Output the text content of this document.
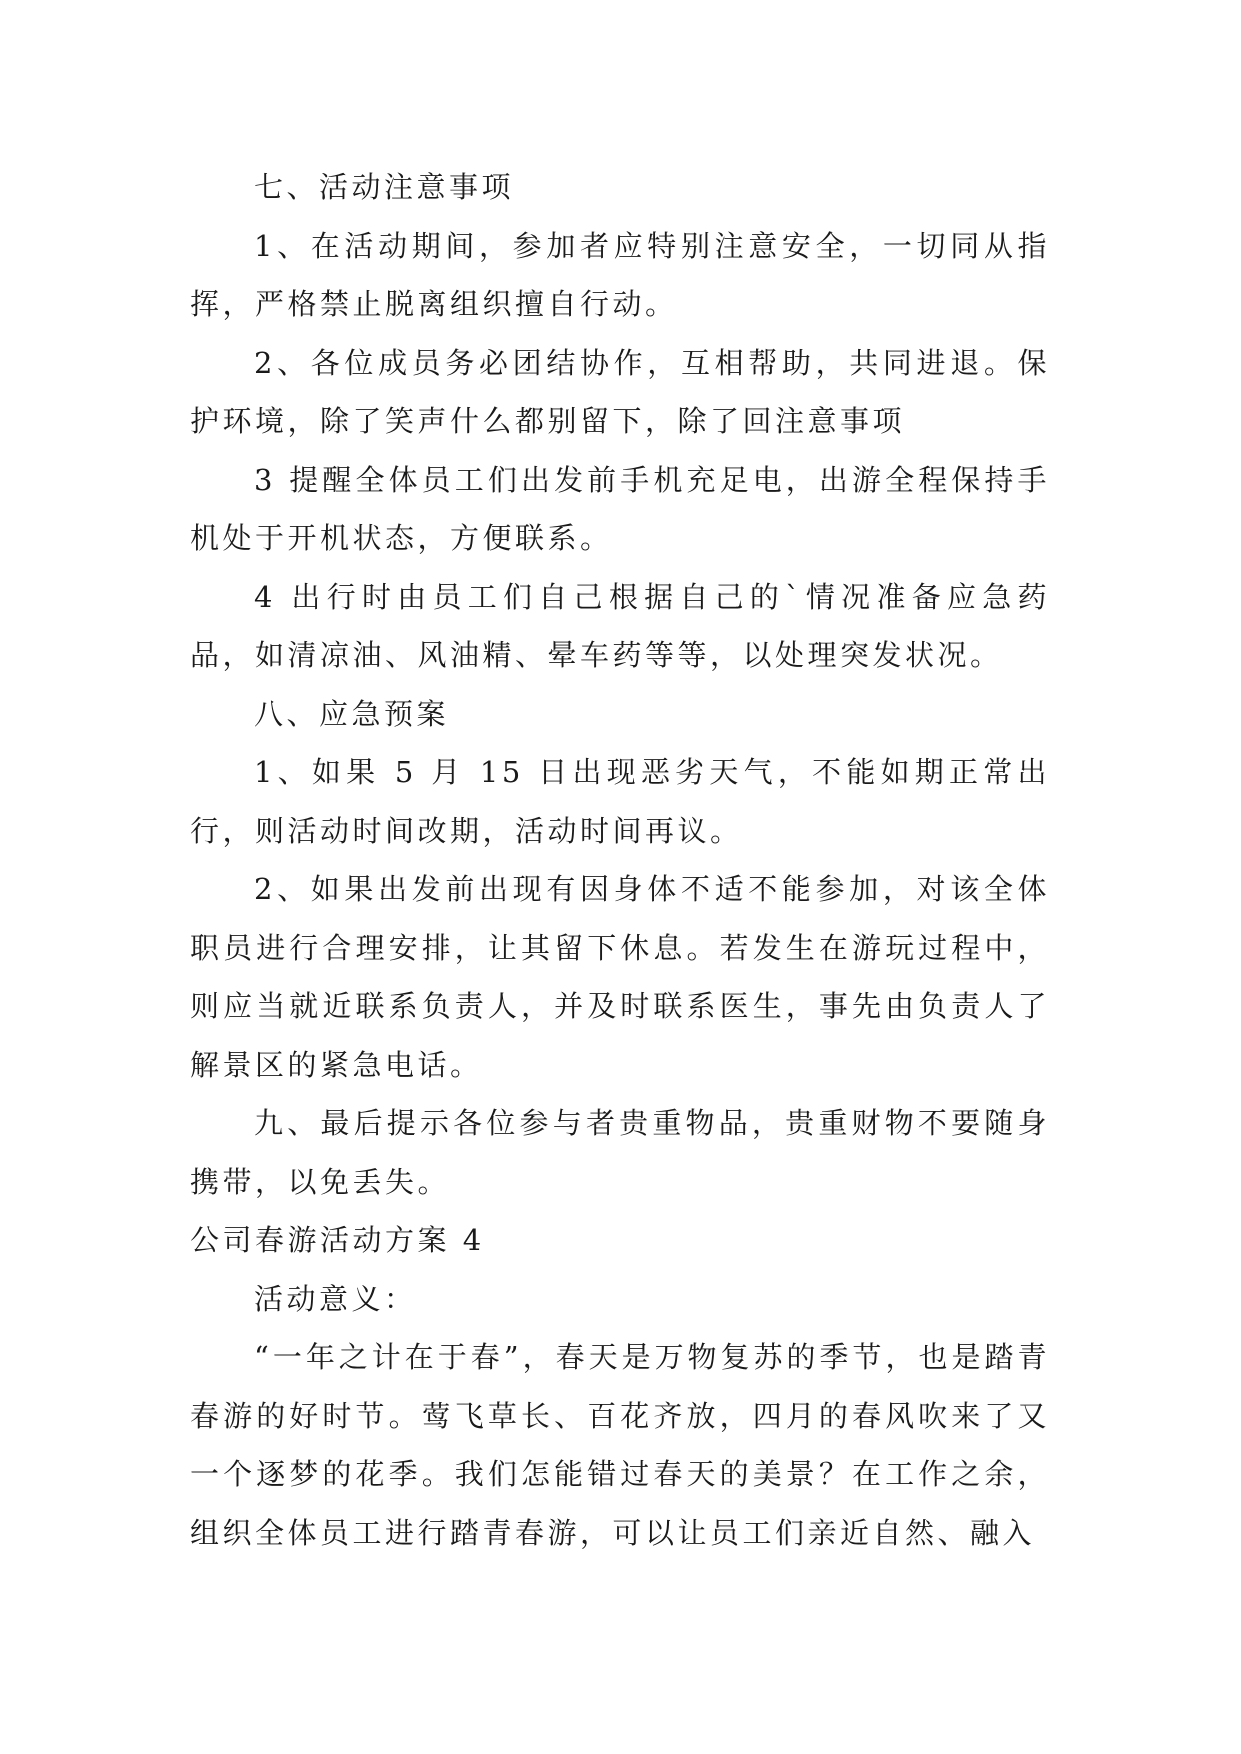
七、活动注意事项

1、在活动期间，参加者应特别注意安全，一切同从指挥，严格禁止脱离组织擅自行动。

2、各位成员务必团结协作，互相帮助，共同进退。保护环境，除了笑声什么都别留下，除了回注意事项

3 提醒全体员工们出发前手机充足电，出游全程保持手机处于开机状态，方便联系。

4 出行时由员工们自己根据自己的`情况准备应急药品，如清凉油、风油精、晕车药等等，以处理突发状况。

八、应急预案

1、如果 5 月 15 日出现恶劣天气，不能如期正常出行，则活动时间改期，活动时间再议。

2、如果出发前出现有因身体不适不能参加，对该全体职员进行合理安排，让其留下休息。若发生在游玩过程中，则应当就近联系负责人，并及时联系医生，事先由负责人了解景区的紧急电话。

九、最后提示各位参与者贵重物品，贵重财物不要随身携带，以免丢失。

公司春游活动方案 4

活动意义：

“一年之计在于春”，春天是万物复苏的季节，也是踏青春游的好时节。莺飞草长、百花齐放，四月的春风吹来了又一个逐梦的花季。我们怎能错过春天的美景？在工作之余，组织全体员工进行踏青春游，可以让员工们亲近自然、融入
